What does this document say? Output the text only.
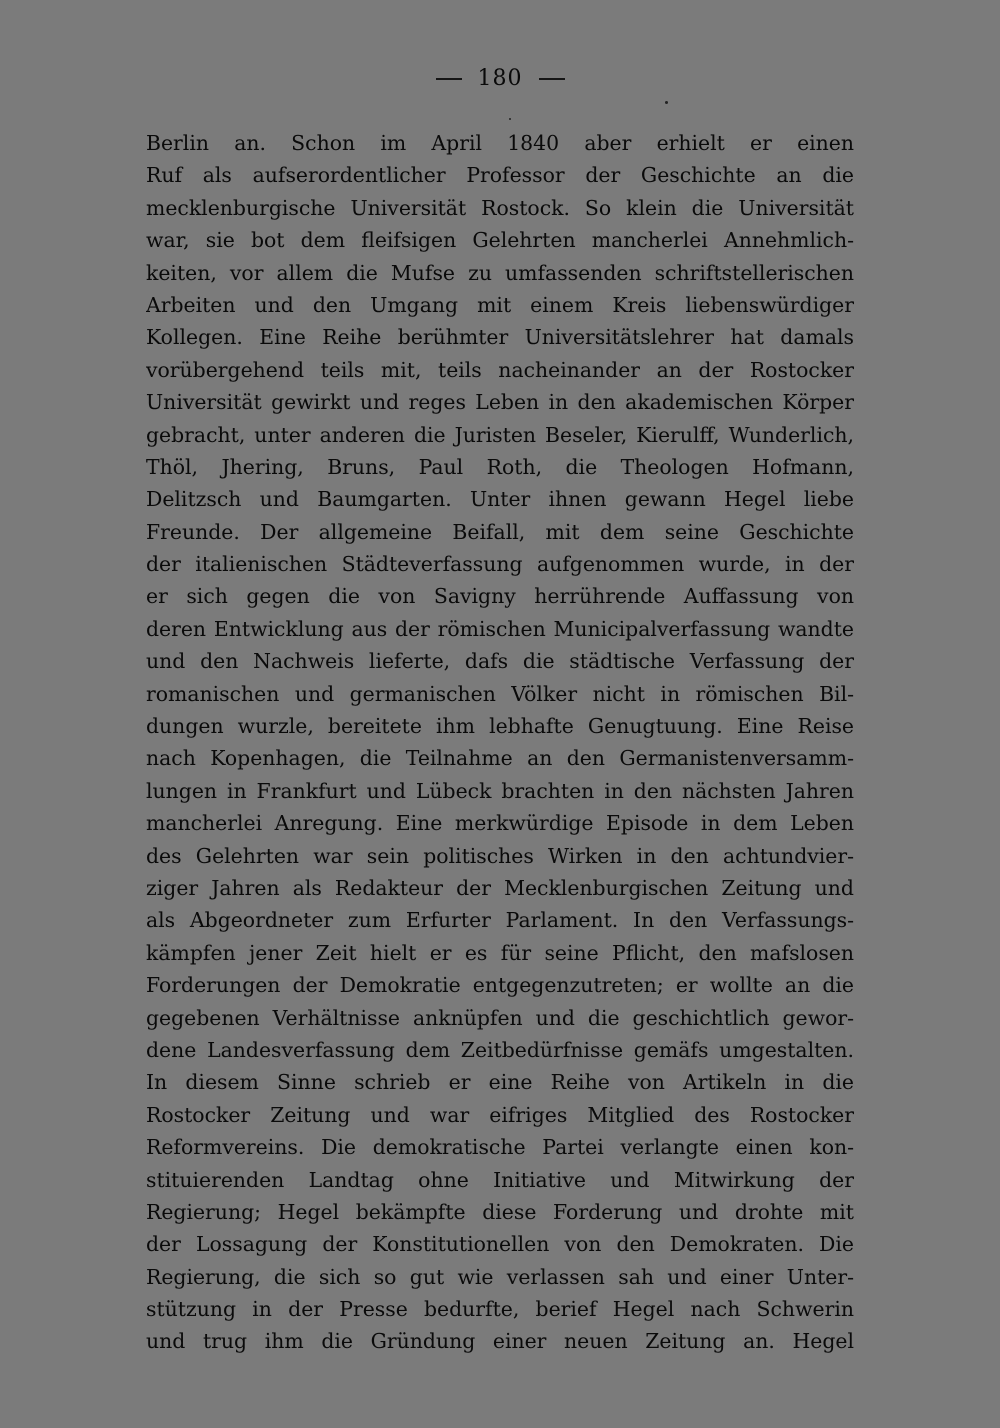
180
Berlin an. Schon im April 1840 aber erhielt er einen
Ruf als aufserordentlicher Professor der Geschichte an die
mecklenburgische Universität Rostock. So klein die Universität
war, sie bot dem fleifsigen Gelehrten mancherlei Annehmlich-
keiten, vor allem die Mufse zu umfassenden schriftstellerischen
Arbeiten und den Umgang mit einem Kreis liebenswürdiger
Kollegen. Eine Reihe berühmter Universitätslehrer hat damals
vorübergehend teils mit, teils nacheinander an der Rostocker
Universität gewirkt und reges Leben in den akademischen Körper
gebracht, unter anderen die Juristen Beseler, Kierulff, Wunderlich,
Thöl, Jhering, Bruns, Paul Roth, die Theologen Hofmann,
Delitzsch und Baumgarten. Unter ihnen gewann Hegel liebe
Freunde. Der allgemeine Beifall, mit dem seine Geschichte
der italienischen Städteverfassung aufgenommen wurde, in der
er sich gegen die von Savigny herrührende Auffassung von
deren Entwicklung aus der römischen Municipalverfassung wandte
und den Nachweis lieferte, dafs die städtische Verfassung der
romanischen und germanischen Völker nicht in römischen Bil-
dungen wurzle, bereitete ihm lebhafte Genugtuung. Eine Reise
nach Kopenhagen, die Teilnahme an den Germanistenversamm-
lungen in Frankfurt und Lübeck brachten in den nächsten Jahren
mancherlei Anregung. Eine merkwürdige Episode in dem Leben
des Gelehrten war sein politisches Wirken in den achtundvier-
ziger Jahren als Redakteur der Mecklenburgischen Zeitung und
als Abgeordneter zum Erfurter Parlament. In den Verfassungs-
kämpfen jener Zeit hielt er es für seine Pflicht, den mafslosen
Forderungen der Demokratie entgegenzutreten; er wollte an die
gegebenen Verhältnisse anknüpfen und die geschichtlich gewor-
dene Landesverfassung dem Zeitbedürfnisse gemäfs umgestalten.
In diesem Sinne schrieb er eine Reihe von Artikeln in die
Rostocker Zeitung und war eifriges Mitglied des Rostocker
Reformvereins. Die demokratische Partei verlangte einen kon-
stituierenden Landtag ohne Initiative und Mitwirkung der
Regierung; Hegel bekämpfte diese Forderung und drohte mit
der Lossagung der Konstitutionellen von den Demokraten. Die
Regierung, die sich so gut wie verlassen sah und einer Unter-
stützung in der Presse bedurfte, berief Hegel nach Schwerin
und trug ihm die Gründung einer neuen Zeitung an. Hegel
